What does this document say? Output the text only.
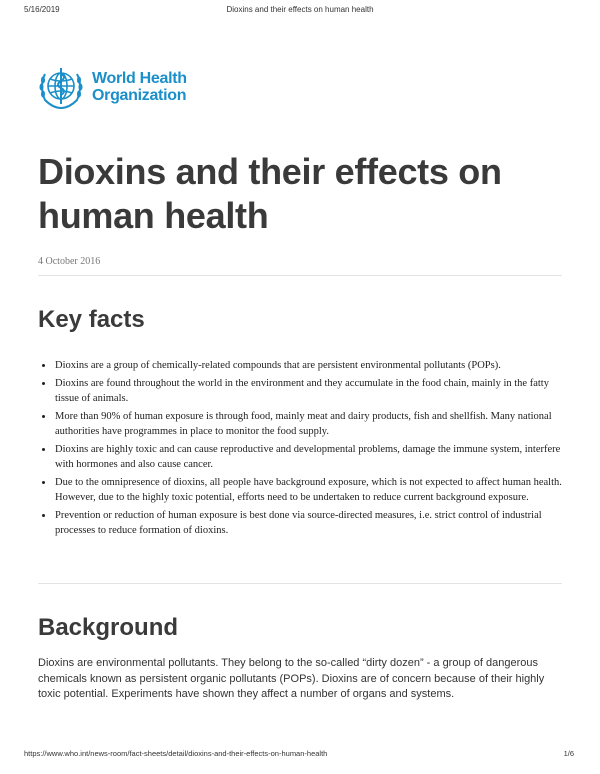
5/16/2019	Dioxins and their effects on human health
World Health
Organization
Dioxins and their effects on human health
4 October 2016
Key facts
• Dioxins are a group of chemically-related compounds that are persistent environmental pollutants (POPs).
• Dioxins are found throughout the world in the environment and they accumulate in the food chain, mainly in the fatty tissue of animals.
• More than 90% of human exposure is through food, mainly meat and dairy products, fish and shellfish. Many national authorities have programmes in place to monitor the food supply.
• Dioxins are highly toxic and can cause reproductive and developmental problems, damage the immune system, interfere with hormones and also cause cancer.
• Due to the omnipresence of dioxins, all people have background exposure, which is not expected to affect human health. However, due to the highly toxic potential, efforts need to be undertaken to reduce current background exposure.
• Prevention or reduction of human exposure is best done via source-directed measures, i.e. strict control of industrial processes to reduce formation of dioxins.
Background

Dioxins are environmental pollutants. They belong to the so-called “dirty dozen” - a group of dangerous chemicals known as persistent organic pollutants (POPs). Dioxins are of concern because of their highly toxic potential. Experiments have shown they affect a number of organs and systems.

https://www.who.int/news-room/fact-sheets/detail/dioxins-and-their-effects-on-human-health	1/6
